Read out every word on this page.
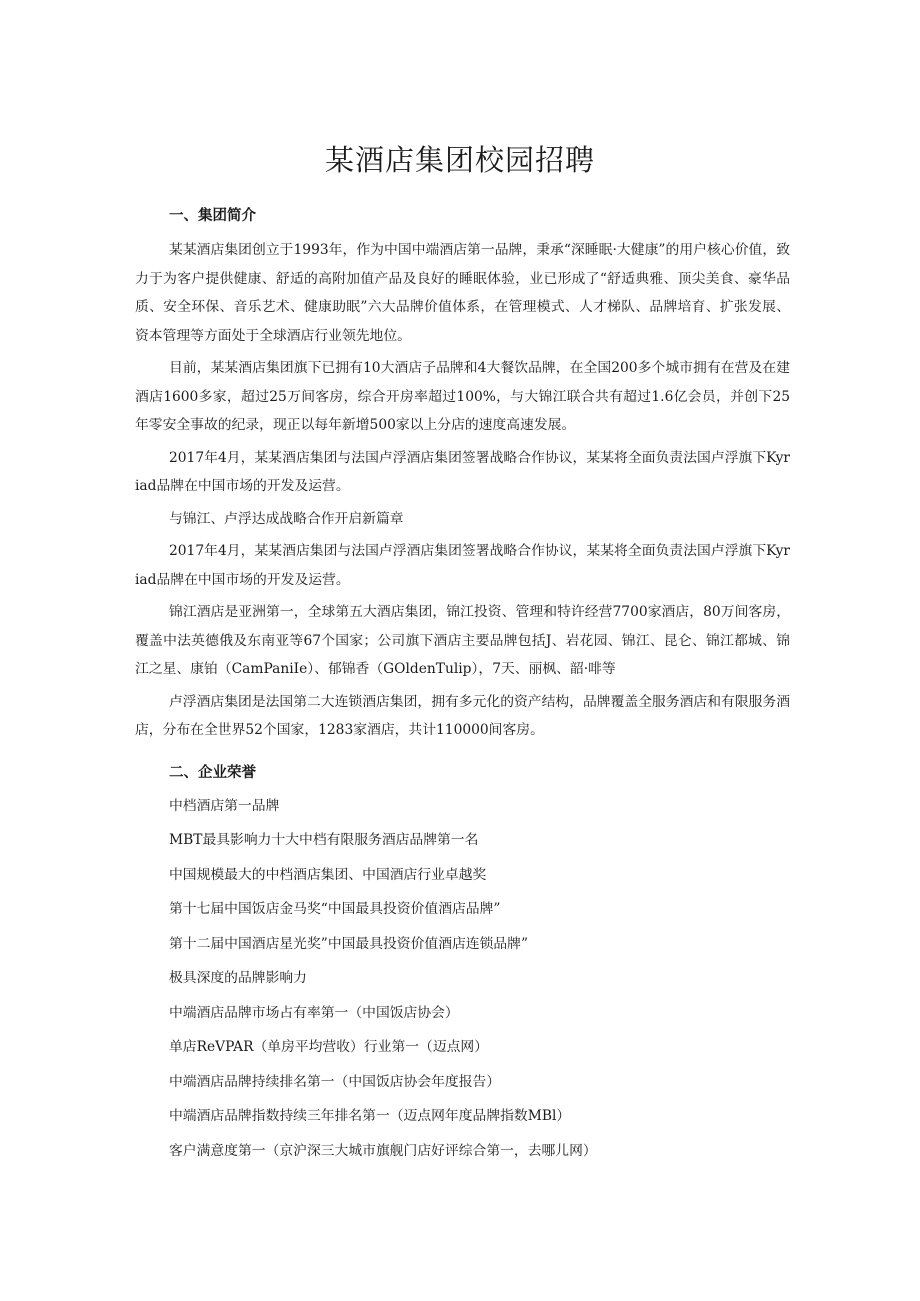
某酒店集团校园招聘
一、集团简介

某某酒店集团创立于1993年，作为中国中端酒店第一品牌，秉承“深睡眠·大健康”的用户核心价值，致力于为客户提供健康、舒适的高附加值产品及良好的睡眠体验，业已形成了“舒适典雅、顶尖美食、豪华品质、安全环保、音乐艺术、健康助眠”六大品牌价值体系，在管理模式、人才梯队、品牌培育、扩张发展、资本管理等方面处于全球酒店行业领先地位。

目前，某某酒店集团旗下已拥有10大酒店子品牌和4大餐饮品牌，在全国200多个城市拥有在营及在建酒店1600多家，超过25万间客房，综合开房率超过100%，与大锦江联合共有超过1.6亿会员，并创下25年零安全事故的纪录，现正以每年新增500家以上分店的速度高速发展。

2017年4月，某某酒店集团与法国卢浮酒店集团签署战略合作协议，某某将全面负责法国卢浮旗下Kyriad品牌在中国市场的开发及运营。

与锦江、卢浮达成战略合作开启新篇章

2017年4月，某某酒店集团与法国卢浮酒店集团签署战略合作协议，某某将全面负责法国卢浮旗下Kyriad品牌在中国市场的开发及运营。

锦江酒店是亚洲第一，全球第五大酒店集团，锦江投资、管理和特许经营7700家酒店，80万间客房，覆盖中法英德俄及东南亚等67个国家；公司旗下酒店主要品牌包括J、岩花园、锦江、昆仑、锦江都城、锦江之星、康铂（CamPaniIe）、郁锦香（GOldenTulip），7天、丽枫、韶·啡等

卢浮酒店集团是法国第二大连锁酒店集团，拥有多元化的资产结构，品牌覆盖全服务酒店和有限服务酒店，分布在全世界52个国家，1283家酒店，共计110000间客房。

二、企业荣誉
中档酒店第一品牌
MBT最具影响力十大中档有限服务酒店品牌第一名
中国规模最大的中档酒店集团、中国酒店行业卓越奖
第十七届中国饭店金马奖“中国最具投资价值酒店品牌”
第十二届中国酒店星光奖”中国最具投资价值酒店连锁品牌”
极具深度的品牌影响力
中端酒店品牌市场占有率第一（中国饭店协会）
单店ReVPAR（单房平均营收）行业第一（迈点网）
中端酒店品牌持续排名第一（中国饭店协会年度报告）
中端酒店品牌指数持续三年排名第一（迈点网年度品牌指数MBl）
客户满意度第一（京沪深三大城市旗舰门店好评综合第一，去哪儿网）
